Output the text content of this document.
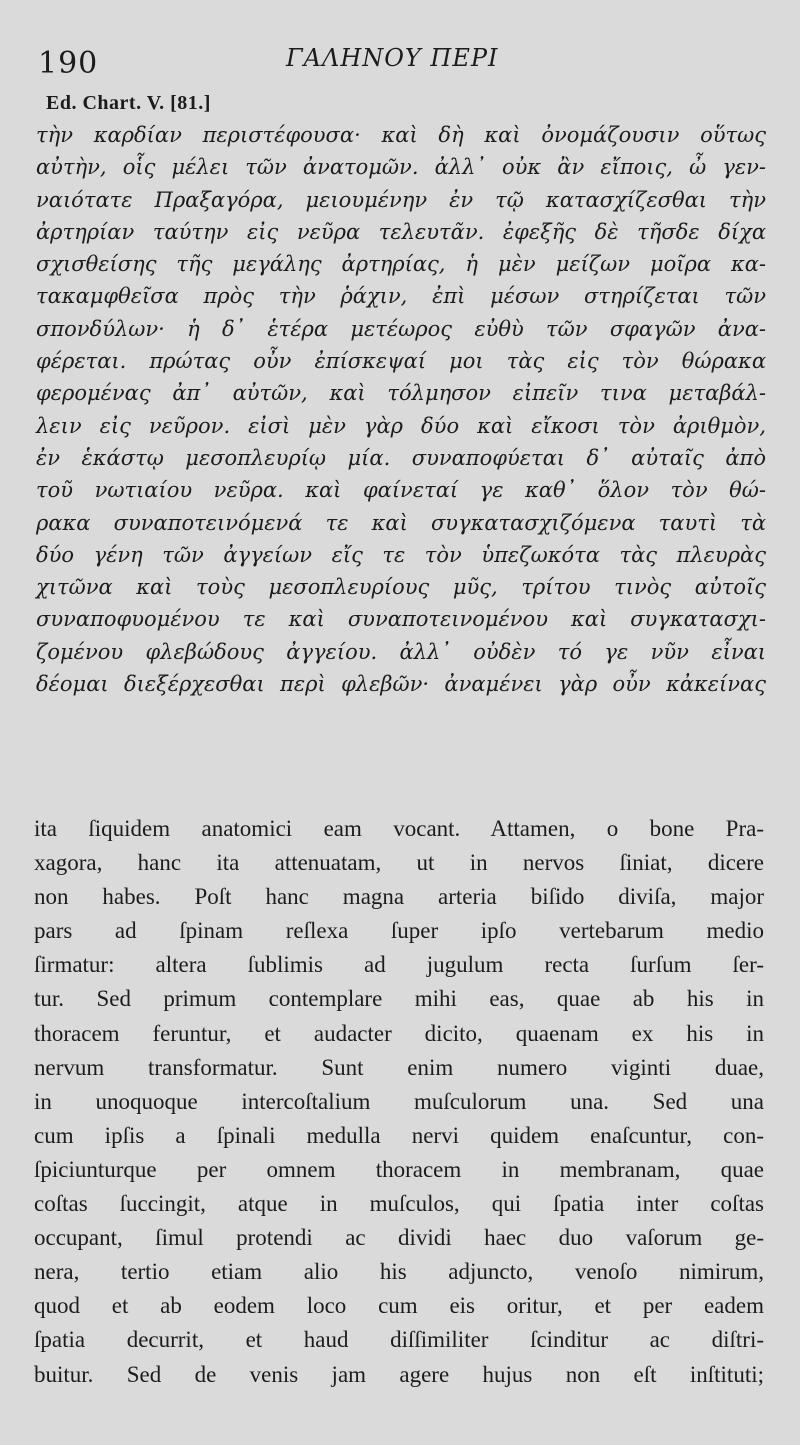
190	ΓΑΛΗΝΟΥ ΠΕΡΙ
Ed. Chart. V. [81.]
τὴν καρδίαν περιστέφουσα· καὶ δὴ καὶ ὀνομάζουσιν οὕτως
αὐτὴν, οἷς μέλει τῶν ἀνατομῶν. ἀλλ᾽ οὐκ ἂν εἴποις, ὦ γεν-
ναιότατε Πραξαγόρα, μειουμένην ἐν τῷ κατασχίζεσθαι τὴν
ἀρτηρίαν ταύτην εἰς νεῦρα τελευτᾶν. ἐφεξῆς δὲ τῆσδε δίχα
σχισθείσης τῆς μεγάλης ἀρτηρίας, ἡ μὲν μείζων μοῖρα κα-
τακαμφθεῖσα πρὸς τὴν ῥάχιν, ἐπὶ μέσων στηρίζεται τῶν
σπονδύλων· ἡ δ᾽ ἑτέρα μετέωρος εὐθὺ τῶν σφαγῶν ἀνα-
φέρεται. πρώτας οὖν ἐπίσκεψαί μοι τὰς εἰς τὸν θώρακα
φερομένας ἀπ᾽ αὐτῶν, καὶ τόλμησον εἰπεῖν τινα μεταβάλ-
λειν εἰς νεῦρον. εἰσὶ μὲν γὰρ δύο καὶ εἴκοσι τὸν ἀριθμὸν,
ἐν ἑκάστῳ μεσοπλευρίῳ μία. συναποφύεται δ᾽ αὐταῖς ἀπὸ
τοῦ νωτιαίου νεῦρα. καὶ φαίνεταί γε καθ᾽ ὅλον τὸν θώ-
ρακα συναποτεινόμενά τε καὶ συγκατασχιζόμενα ταυτὶ τὰ
δύο γένη τῶν ἀγγείων εἴς τε τὸν ὑπεζωκότα τὰς πλευρὰς
χιτῶνα καὶ τοὺς μεσοπλευρίους μῦς, τρίτου τινὸς αὐτοῖς
συναποφυομένου τε καὶ συναποτεινομένου καὶ συγκατασχι-
ζομένου φλεβώδους ἀγγείου. ἀλλ᾽ οὐδὲν τό γε νῦν εἶναι
δέομαι διεξέρχεσθαι περὶ φλεβῶν· ἀναμένει γὰρ οὖν κἀκείνας
ita ſiquidem anatomici eam vocant. Attamen, o bone Pra-
xagora, hanc ita attenuatam, ut in nervos ſiniat, dicere
non habes. Poſt hanc magna arteria biſido diviſa, major
pars ad ſpinam reſlexa ſuper ipſo vertebarum medio
ſirmatur: altera ſublimis ad jugulum recta ſurſum ſer-
tur. Sed primum contemplare mihi eas, quae ab his in
thoracem feruntur, et audacter dicito, quaenam ex his in
nervum transformatur. Sunt enim numero viginti duae,
in unoquoque intercoſtalium muſculorum una. Sed una
cum ipſis a ſpinali medulla nervi quidem enaſcuntur, con-
ſpiciunturque per omnem thoracem in membranam, quae
coſtas ſuccingit, atque in muſculos, qui ſpatia inter coſtas
occupant, ſimul protendi ac dividi haec duo vaſorum ge-
nera, tertio etiam alio his adjuncto, venoſo nimirum,
quod et ab eodem loco cum eis oritur, et per eadem
ſpatia decurrit, et haud diſſimiliter ſcinditur ac diſtri-
buitur. Sed de venis jam agere hujus non eſt inſtituti;
